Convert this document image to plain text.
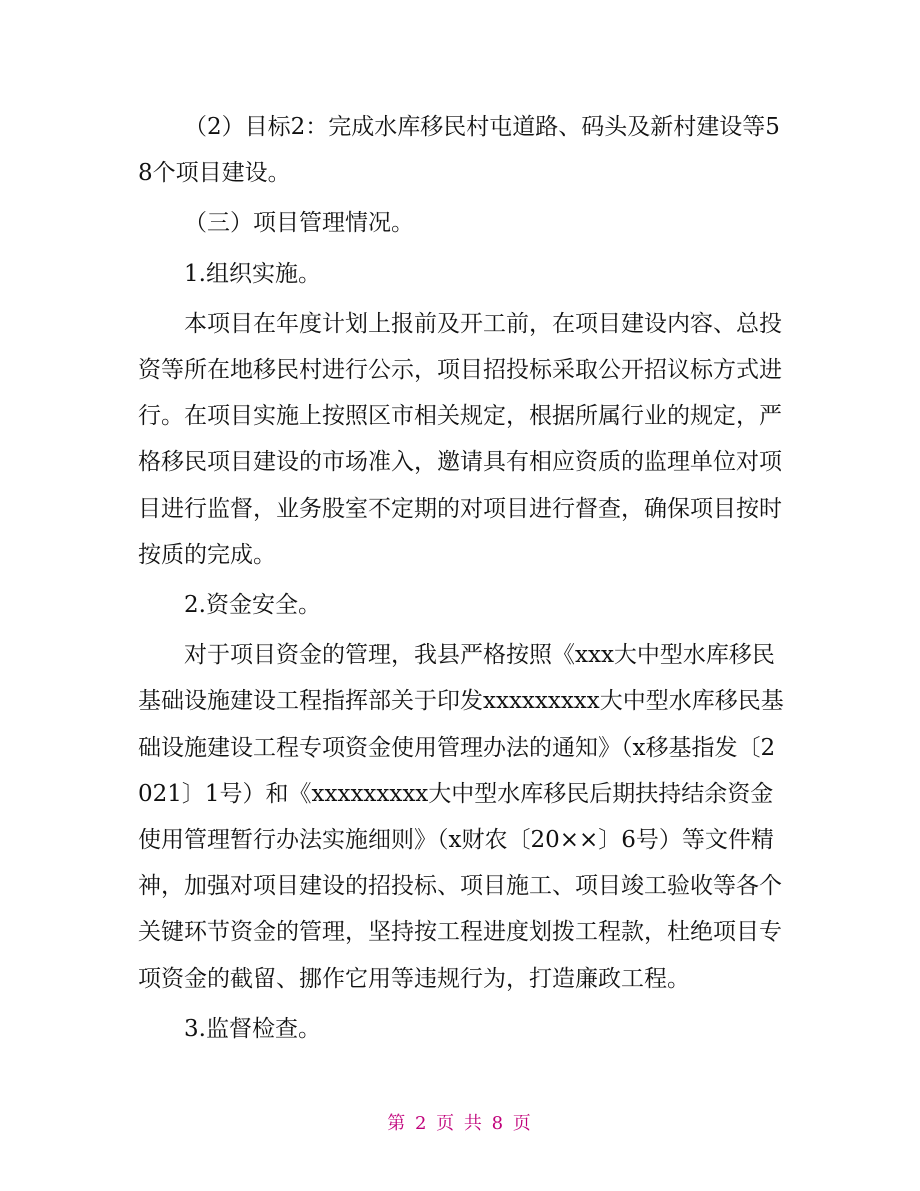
（2）目标2：完成水库移民村屯道路、码头及新村建设等58个项目建设。

（三）项目管理情况。

1.组织实施。

本项目在年度计划上报前及开工前，在项目建设内容、总投资等所在地移民村进行公示，项目招投标采取公开招议标方式进行。在项目实施上按照区市相关规定，根据所属行业的规定，严格移民项目建设的市场准入，邀请具有相应资质的监理单位对项目进行监督，业务股室不定期的对项目进行督查，确保项目按时按质的完成。

2.资金安全。

对于项目资金的管理，我县严格按照《xxx大中型水库移民基础设施建设工程指挥部关于印发xxxxxxxxx大中型水库移民基础设施建设工程专项资金使用管理办法的通知》（x移基指发〔2021〕1号）和《xxxxxxxxx大中型水库移民后期扶持结余资金使用管理暂行办法实施细则》（x财农〔20××〕6号）等文件精神，加强对项目建设的招投标、项目施工、项目竣工验收等各个关键环节资金的管理，坚持按工程进度划拨工程款，杜绝项目专项资金的截留、挪作它用等违规行为，打造廉政工程。

3.监督检查。

第 2 页 共 8 页
